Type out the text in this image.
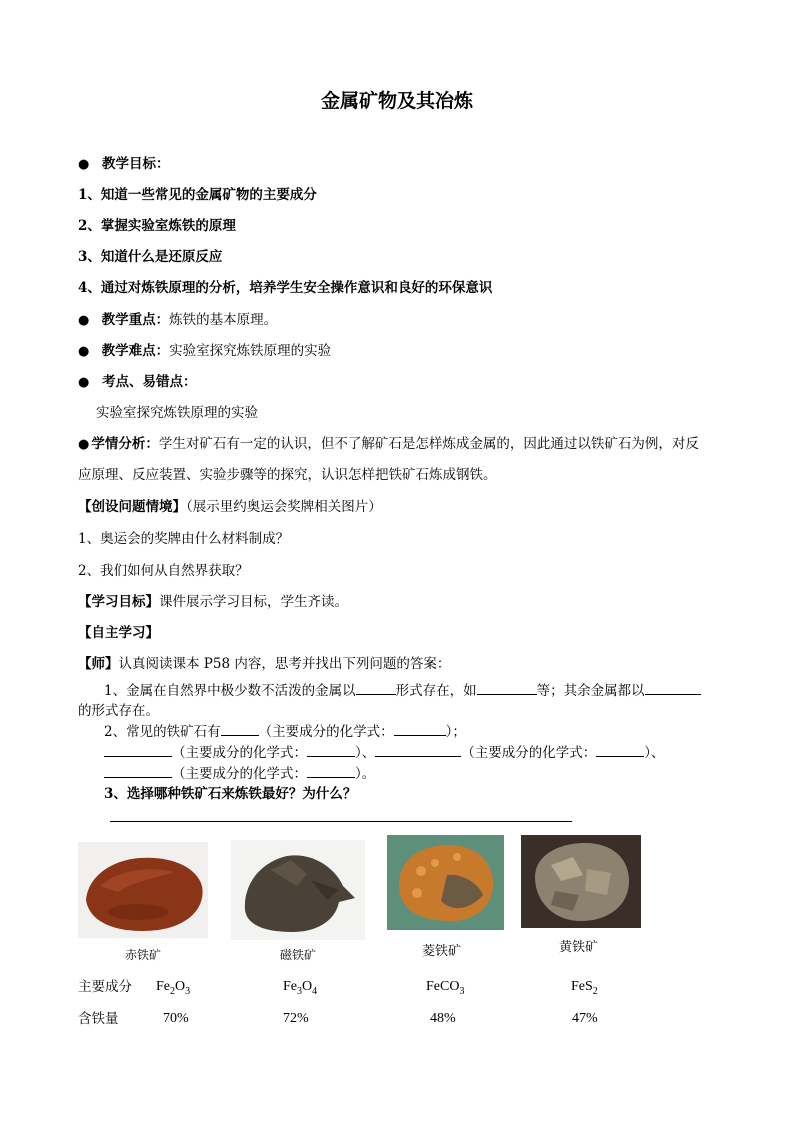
金属矿物及其冶炼
● 教学目标：
1、知道一些常见的金属矿物的主要成分
2、掌握实验室炼铁的原理
3、知道什么是还原反应
4、通过对炼铁原理的分析，培养学生安全操作意识和良好的环保意识
● 教学重点：炼铁的基本原理。
● 教学难点：实验室探究炼铁原理的实验
● 考点、易错点：
实验室探究炼铁原理的实验
● 学情分析：学生对矿石有一定的认识，但不了解矿石是怎样炼成金属的，因此通过以铁矿石为例，对反
应原理、反应装置、实验步骤等的探究，认识怎样把铁矿石炼成钢铁。
【创设问题情境】（展示里约奥运会奖牌相关图片）
1、奥运会的奖牌由什么材料制成？
2、我们如何从自然界获取？
【学习目标】课件展示学习目标，学生齐读。
【自主学习】
【师】认真阅读课本 P58 内容，思考并找出下列问题的答案：
1、金属在自然界中极少数不活泼的金属以	形式存在，如	等；其余金属都以
的形式存在。
2、常见的铁矿石有	（主要成分的化学式：	）；
（主要成分的化学式：	）、	（主要成分的化学式：	）、
（主要成分的化学式：	）。
3、选择哪种铁矿石来炼铁最好？为什么？
赤铁矿	磁铁矿	菱铁矿	黄铁矿
主要成分 $Fe_2O_3$	$Fe_3O_4$	FeCO$_3$	FeS$_2$
含铁量	70%	72%	48%	47%
